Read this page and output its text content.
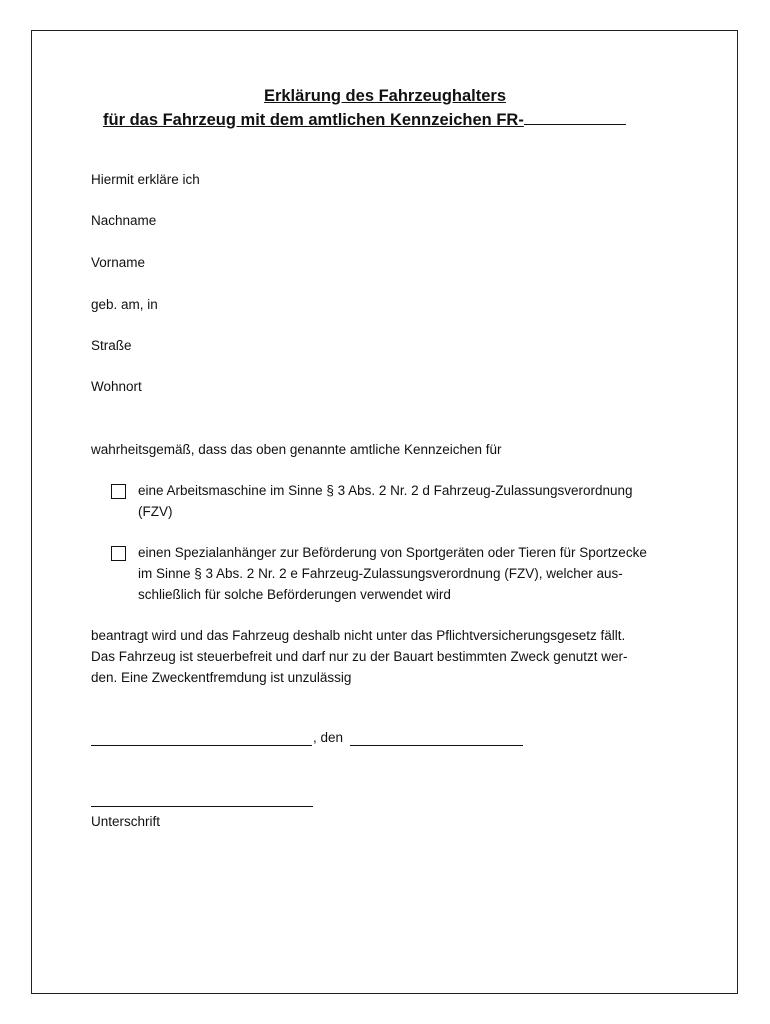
Erklärung des Fahrzeughalters
für das Fahrzeug mit dem amtlichen Kennzeichen FR-
Hiermit erkläre ich
Nachname
Vorname
geb. am, in
Straße
Wohnort
wahrheitsgemäß, dass das oben genannte amtliche Kennzeichen für
eine Arbeitsmaschine im Sinne § 3 Abs. 2 Nr. 2 d Fahrzeug-Zulassungsverordnung
(FZV)
einen Spezialanhänger zur Beförderung von Sportgeräten oder Tieren für Sportzecke
im Sinne § 3 Abs. 2 Nr. 2 e Fahrzeug-Zulassungsverordnung (FZV), welcher aus-
schließlich für solche Beförderungen verwendet wird
beantragt wird und das Fahrzeug deshalb nicht unter das Pflichtversicherungsgesetz fällt.
Das Fahrzeug ist steuerbefreit und darf nur zu der Bauart bestimmten Zweck genutzt wer-
den. Eine Zweckentfremdung ist unzulässig
, den
Unterschrift
